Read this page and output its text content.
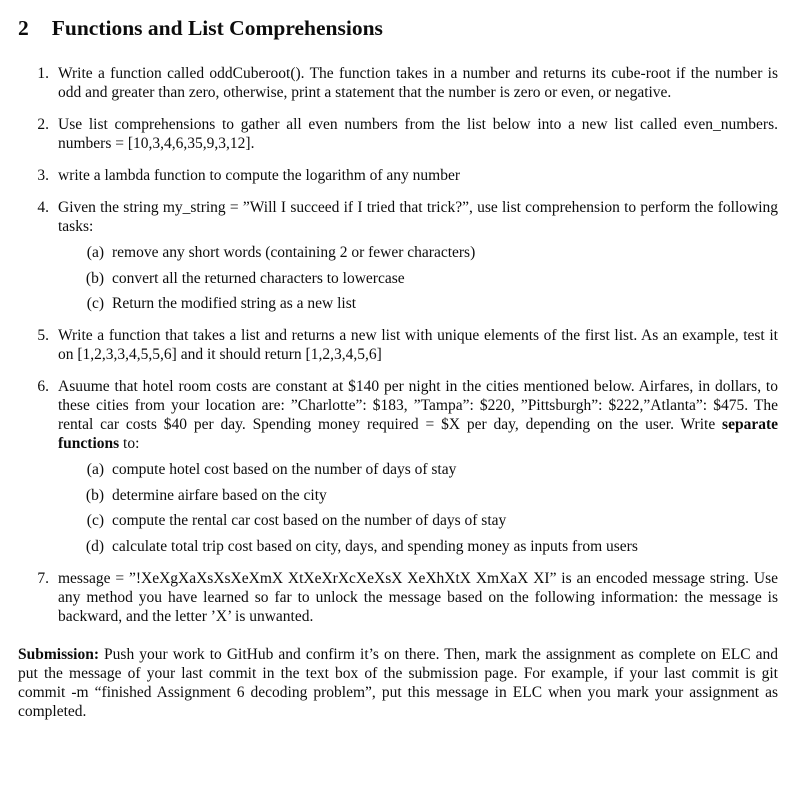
2 Functions and List Comprehensions
1. Write a function called oddCuberoot(). The function takes in a number and returns its cube-root if the number is odd and greater than zero, otherwise, print a statement that the number is zero or even, or negative.
2. Use list comprehensions to gather all even numbers from the list below into a new list called even_numbers. numbers = [10,3,4,6,35,9,3,12].
3. write a lambda function to compute the logarithm of any number
4. Given the string my_string = ”Will I succeed if I tried that trick?”, use list comprehension to perform the following tasks:
(a) remove any short words (containing 2 or fewer characters)
(b) convert all the returned characters to lowercase
(c) Return the modified string as a new list
5. Write a function that takes a list and returns a new list with unique elements of the first list. As an example, test it on [1,2,3,3,4,5,5,6] and it should return [1,2,3,4,5,6]
6. Asuume that hotel room costs are constant at $140 per night in the cities mentioned below. Airfares, in dollars, to these cities from your location are: ”Charlotte”: $183, ”Tampa”: $220, ”Pittsburgh”: $222,”Atlanta”: $475. The rental car costs $40 per day. Spending money required = $X per day, depending on the user. Write separate functions to:
(a) compute hotel cost based on the number of days of stay
(b) determine airfare based on the city
(c) compute the rental car cost based on the number of days of stay
(d) calculate total trip cost based on city, days, and spending money as inputs from users
7. message = ”!XeXgXaXsXsXeXmX XtXeXrXcXeXsX XeXhXtX XmXaX XI” is an encoded message string. Use any method you have learned so far to unlock the message based on the following information: the message is backward, and the letter ’X’ is unwanted.

Submission: Push your work to GitHub and confirm it’s on there. Then, mark the assignment as complete on ELC and put the message of your last commit in the text box of the submission page. For example, if your last commit is git commit -m “finished Assignment 6 decoding problem”, put this message in ELC when you mark your assignment as completed.
